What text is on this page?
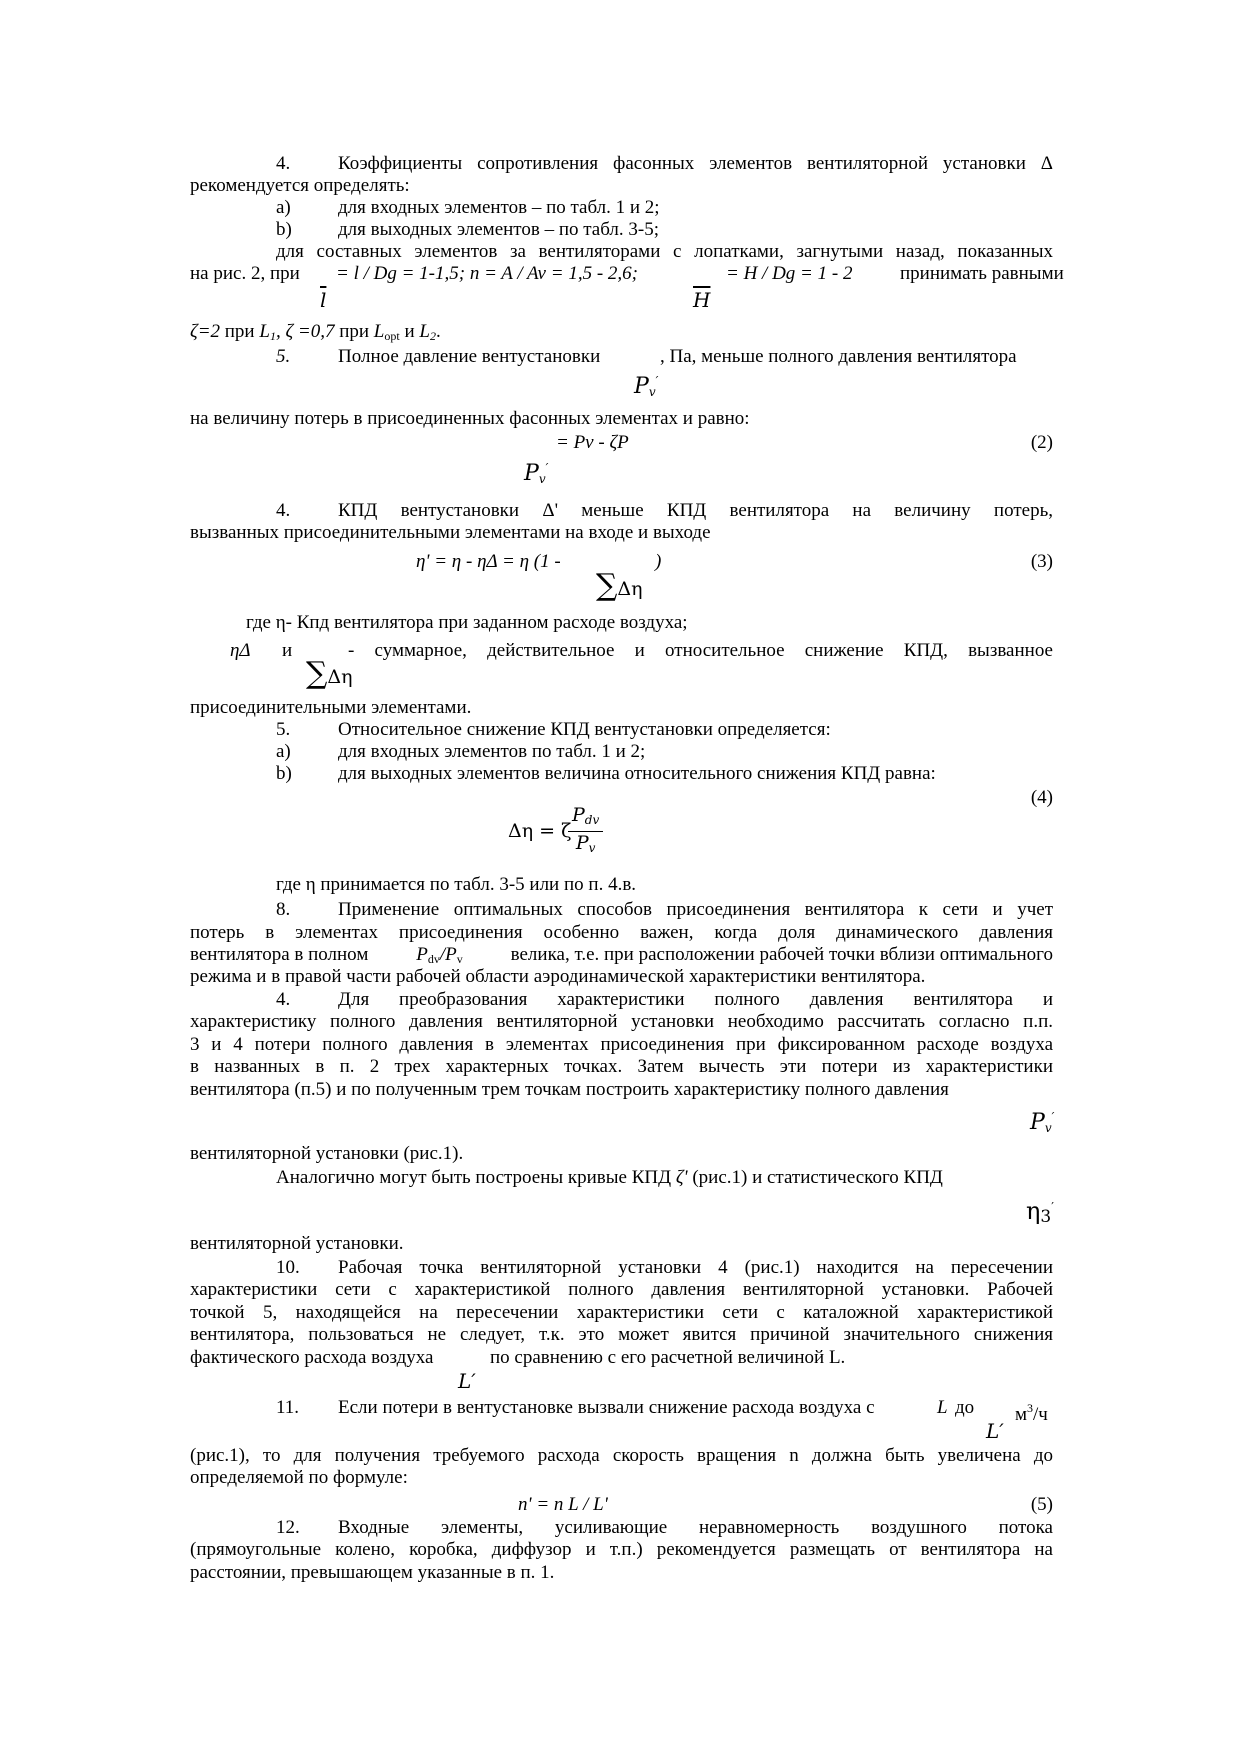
4.	Коэффициенты сопротивления фасонных элементов вентиляторной установки Δ
рекомендуется определять:
a) для входных элементов – по табл. 1 и 2;
b) для выходных элементов – по табл. 3-5;
для составных элементов за вентиляторами с лопатками, загнутыми назад, показанных
на рис. 2, при = l / Dg = 1-1,5; n = A / Av = 1,5 - 2,6;	= H / Dg = 1 - 2	принимать равными
$\overline{l}$	$\overline{H}$
ζ=2 при $L_1$, ζ =0,7 при $L_{opt}$ и $L_2$.
5.	Полное давление вентустановки	, Па, меньше полного давления вентилятора
$P_v'$
на величину потерь в присоединенных фасонных элементах и равно:
= Pv - ζP	(2)
$P_v'$
4.	КПД вентустановки Δ' меньше КПД вентилятора на величину потерь,
вызванных присоединительными элементами на входе и выходе
η' = η - ηΔ = η (1 -	)	(3)
∑Δη
где η- Кпд вентилятора при заданном расходе воздуха;
ηΔ и	- суммарное, действительное и относительное снижение КПД, вызванное
∑Δη
присоединительными элементами.
5.	Относительное снижение КПД вентустановки определяется:
a) для входных элементов по табл. 1 и 2;
b) для выходных элементов величина относительного снижения КПД равна:
(4)
Δη = ζ
$P_{dv}$
$P_v$
где η принимается по табл. 3-5 или по п. 4.в.
8.	Применение оптимальных способов присоединения вентилятора к сети и учет
потерь в элементах присоединения особенно важен, когда доля динамического давления
вентилятора в полном	$P_{dv}/P_v$	велика, т.е. при расположении рабочей точки вблизи оптимального
режима и в правой части рабочей области аэродинамической характеристики вентилятора.
4.	Для преобразования характеристики полного давления вентилятора и
характеристику полного давления вентиляторной установки необходимо рассчитать согласно п.п.
3 и 4 потери полного давления в элементах присоединения при фиксированном расходе воздуха
в названных в п. 2 трех характерных точках. Затем вычесть эти потери из характеристики
вентилятора (п.5) и по полученным трем точкам построить характеристику полного давления
$P_v'$
вентиляторной установки (рис.1).
Аналогично могут быть построены кривые КПД ζ' (рис.1) и статистического КПД
η3′
вентиляторной установки.
10. Рабочая точка вентиляторной установки 4 (рис.1) находится на пересечении
характеристики сети с характеристикой полного давления вентиляторной установки. Рабочей
точкой 5, находящейся на пересечении характеристики сети с каталожной характеристикой
вентилятора, пользоваться не следует, т.к. это может явится причиной значительного снижения
фактического расхода воздуха	по сравнению с его расчетной величиной L.
L′
11. Если потери в вентустановке вызвали снижение расхода воздуха с	L до $м^3/ч$
L′
(рис.1), то для получения требуемого расхода скорость вращения n должна быть увеличена до
определяемой по формуле:
n' = n L / L'	(5)
12. Входные элементы, усиливающие неравномерность воздушного потока
(прямоугольные колено, коробка, диффузор и т.п.) рекомендуется размещать от вентилятора на
расстоянии, превышающем указанные в п. 1.
